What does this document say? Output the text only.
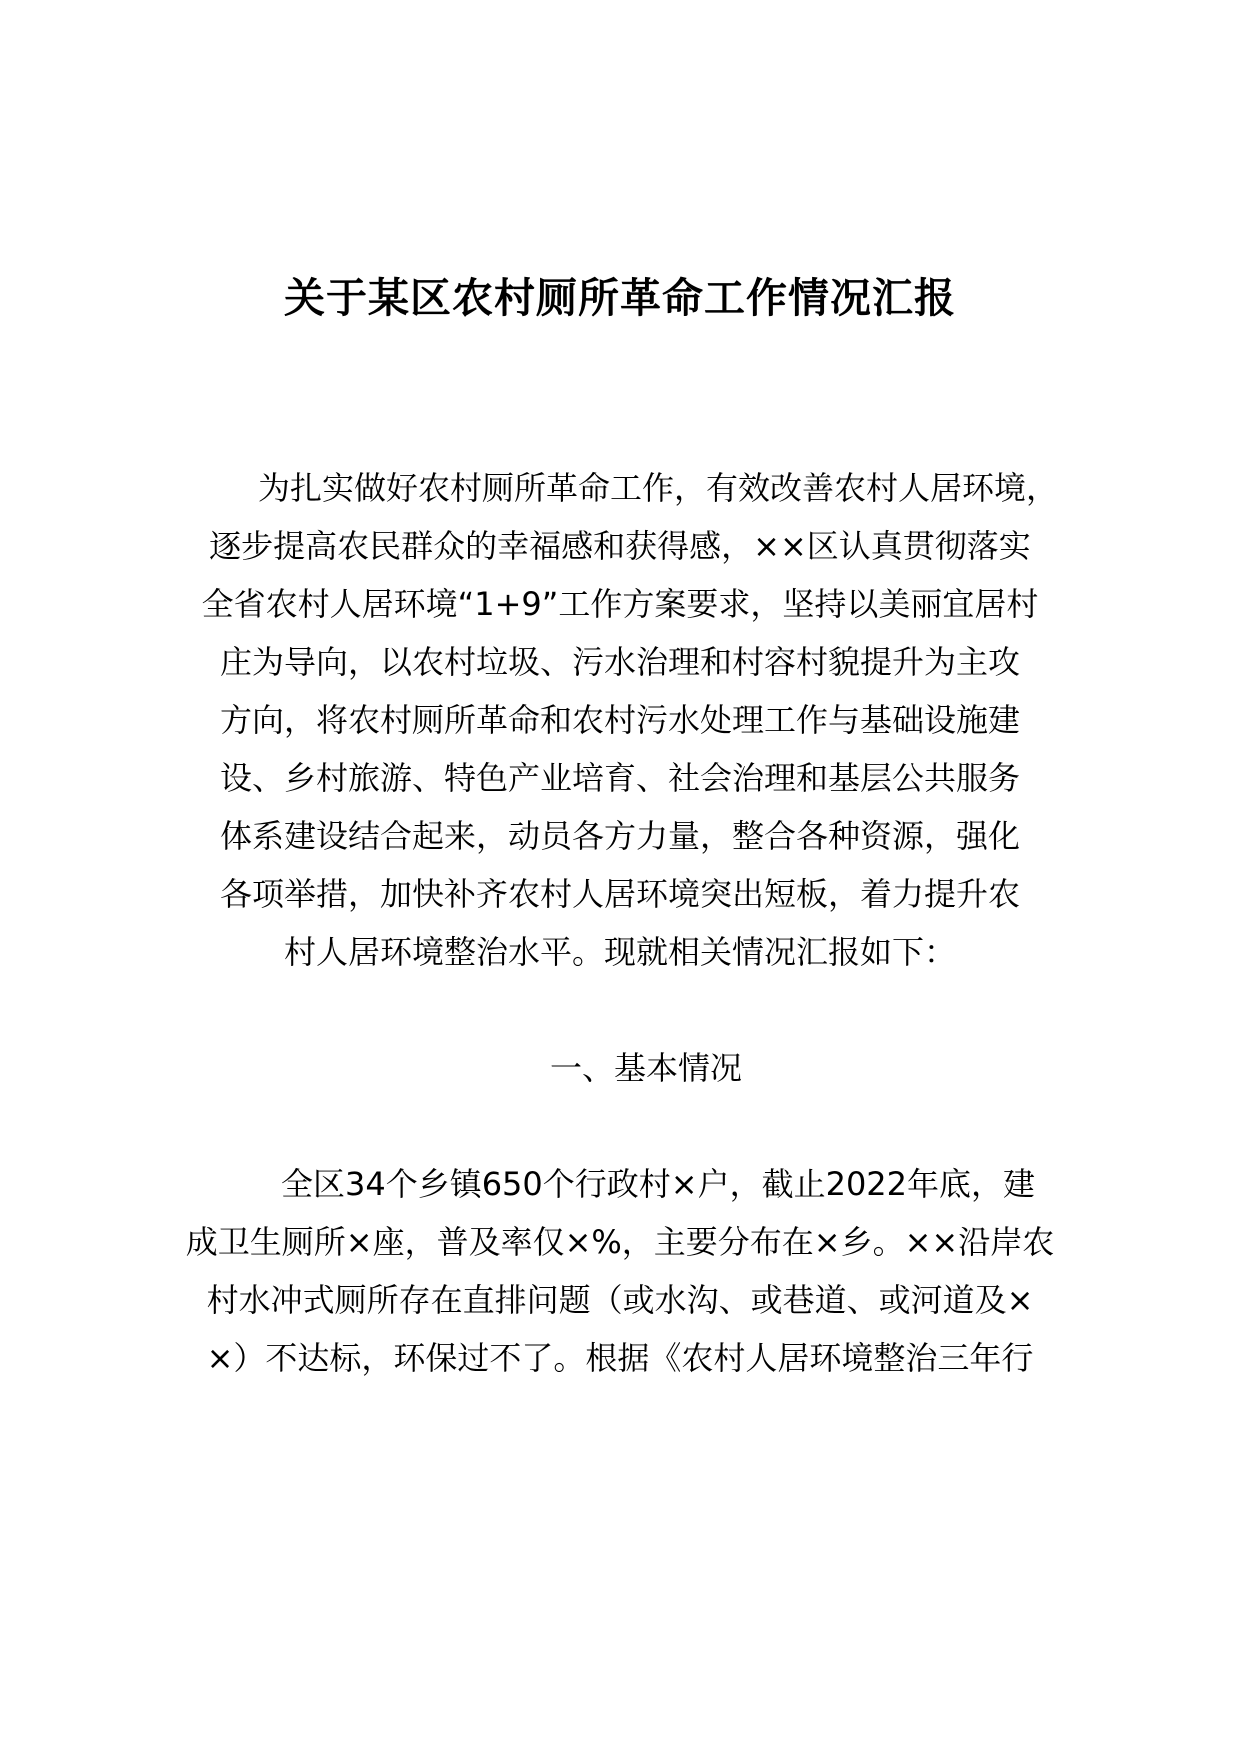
关于某区农村厕所革命工作情况汇报

为扎实做好农村厕所革命工作，有效改善农村人居环境，

逐步提高农民群众的幸福感和获得感，××区认真贯彻落实

全省农村人居环境“1+9”工作方案要求，坚持以美丽宜居村

庄为导向，以农村垃圾、污水治理和村容村貌提升为主攻

方向，将农村厕所革命和农村污水处理工作与基础设施建

设、乡村旅游、特色产业培育、社会治理和基层公共服务

体系建设结合起来，动员各方力量，整合各种资源，强化

各项举措，加快补齐农村人居环境突出短板，着力提升农

村人居环境整治水平。现就相关情况汇报如下：

一、基本情况

全区34个乡镇650个行政村×户，截止2022年底，建

成卫生厕所×座，普及率仅×%，主要分布在×乡。××沿岸农

村水冲式厕所存在直排问题（或水沟、或巷道、或河道及×

×）不达标，环保过不了。根据《农村人居环境整治三年行
